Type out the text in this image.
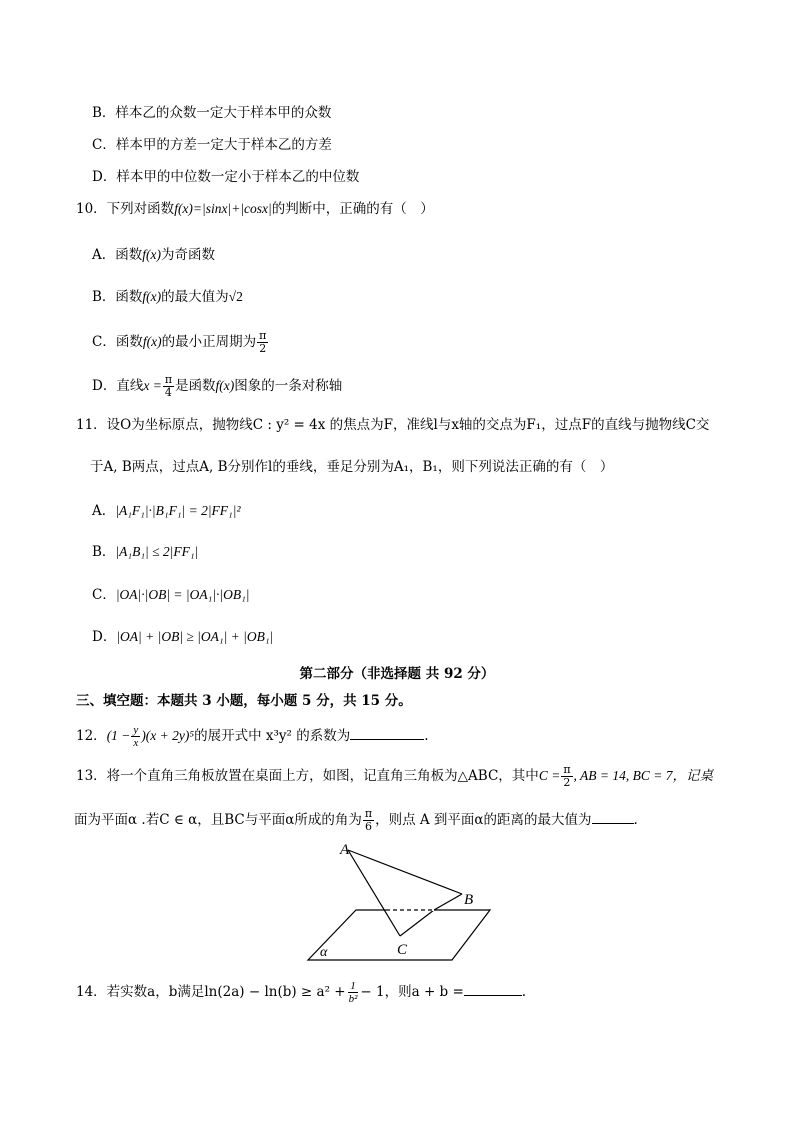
B．样本乙的众数一定大于样本甲的众数
C．样本甲的方差一定大于样本乙的方差
D．样本甲的中位数一定小于样本乙的中位数
10．下列对函数f(x)=|sinx|+|cosx|的判断中，正确的有（　）
A．函数f(x)为奇函数
B．函数f(x)的最大值为√2
C．函数f(x)的最小正周期为 $\frac{\pi}{2}$
D．直线$x = \frac{\pi}{4}$ 是函数f(x)图象的一条对称轴
11．设O为坐标原点，抛物线C : y² = 4x 的焦点为F，准线l与x轴的交点为F₁，过点F的直线与抛物线C交
于A, B两点，过点A, B分别作l的垂线，垂足分别为A₁，B₁，则下列说法正确的有（　）
A．|A₁F₁|·|B₁F₁| = 2|FF₁|²
B．|A₁B₁| ≤ 2|FF₁|
C．|OA|·|OB| = |OA₁|·|OB₁|
D．|OA| + |OB| ≥ |OA₁| + |OB₁|
第二部分（非选择题 共 92 分）
三、填空题：本题共 3 小题，每小题 5 分，共 15 分。
12．$(1 - \frac{y}{x} )(x + 2y)^5$的展开式中 x³y² 的系数为	.
13．将一个直角三角板放置在桌面上方，如图，记直角三角板为△ABC，其中$C = \frac{\pi}{2}$ , AB = 14, BC = 7，记桌
面为平面α .若C ∈ α，且BC与平面α所成的角为 $\frac{\pi}{6}$ ，则点 A 到平面α的距离的最大值为	.
A
B
C
α
14．若实数a，b满足$\ln(2a) - \ln(b) \ge a^2 + \frac{1}{\text{b²}} - 1$，则a + b =	.
